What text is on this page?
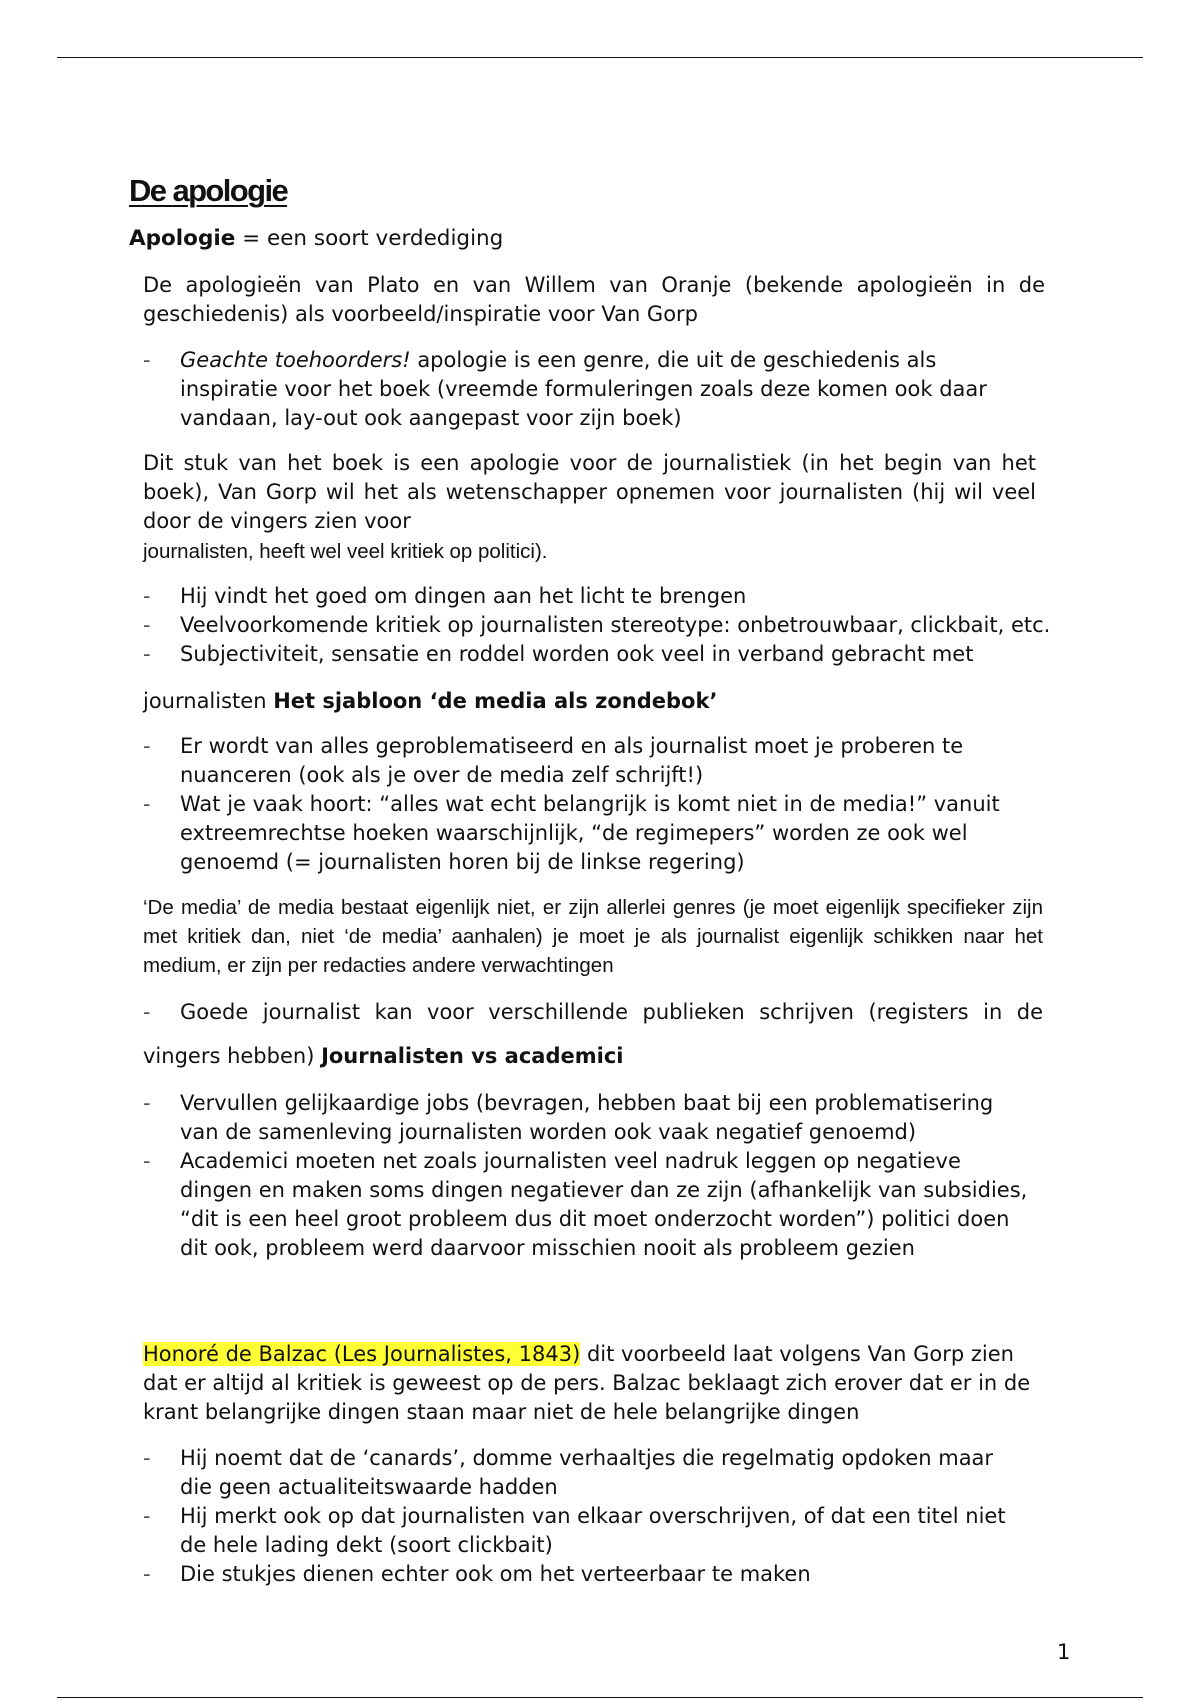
De apologie

Apologie = een soort verdediging

De apologieën van Plato en van Willem van Oranje (bekende apologieën in de geschiedenis) als voorbeeld/inspiratie voor Van Gorp

- Geachte toehoorders! apologie is een genre, die uit de geschiedenis als inspiratie voor het boek (vreemde formuleringen zoals deze komen ook daar vandaan, lay-out ook aangepast voor zijn boek)

Dit stuk van het boek is een apologie voor de journalistiek (in het begin van het boek), Van Gorp wil het als wetenschapper opnemen voor journalisten (hij wil veel door de vingers zien voor

journalisten, heeft wel veel kritiek op politici).

- Hij vindt het goed om dingen aan het licht te brengen
- Veelvoorkomende kritiek op journalisten stereotype: onbetrouwbaar, clickbait, etc.
- Subjectiviteit, sensatie en roddel worden ook veel in verband gebracht met

journalisten Het sjabloon ‘de media als zondebok’

- Er wordt van alles geproblematiseerd en als journalist moet je proberen te nuanceren (ook als je over de media zelf schrijft!)
- Wat je vaak hoort: “alles wat echt belangrijk is komt niet in de media!” vanuit extreemrechtse hoeken waarschijnlijk, “de regimepers” worden ze ook wel genoemd (= journalisten horen bij de linkse regering)

‘De media’ de media bestaat eigenlijk niet, er zijn allerlei genres (je moet eigenlijk specifieker zijn met kritiek dan, niet ‘de media’ aanhalen) je moet je als journalist eigenlijk schikken naar het medium, er zijn per redacties andere verwachtingen

- Goede journalist kan voor verschillende publieken schrijven (registers in de

vingers hebben) Journalisten vs academici

- Vervullen gelijkaardige jobs (bevragen, hebben baat bij een problematisering van de samenleving journalisten worden ook vaak negatief genoemd)
- Academici moeten net zoals journalisten veel nadruk leggen op negatieve dingen en maken soms dingen negatiever dan ze zijn (afhankelijk van subsidies, “dit is een heel groot probleem dus dit moet onderzocht worden”) politici doen dit ook, probleem werd daarvoor misschien nooit als probleem gezien

Honoré de Balzac (Les Journalistes, 1843) dit voorbeeld laat volgens Van Gorp zien dat er altijd al kritiek is geweest op de pers. Balzac beklaagt zich erover dat er in de krant belangrijke dingen staan maar niet de hele belangrijke dingen

- Hij noemt dat de ‘canards’, domme verhaaltjes die regelmatig opdoken maar die geen actualiteitswaarde hadden
- Hij merkt ook op dat journalisten van elkaar overschrijven, of dat een titel niet de hele lading dekt (soort clickbait)
- Die stukjes dienen echter ook om het verteerbaar te maken
1
